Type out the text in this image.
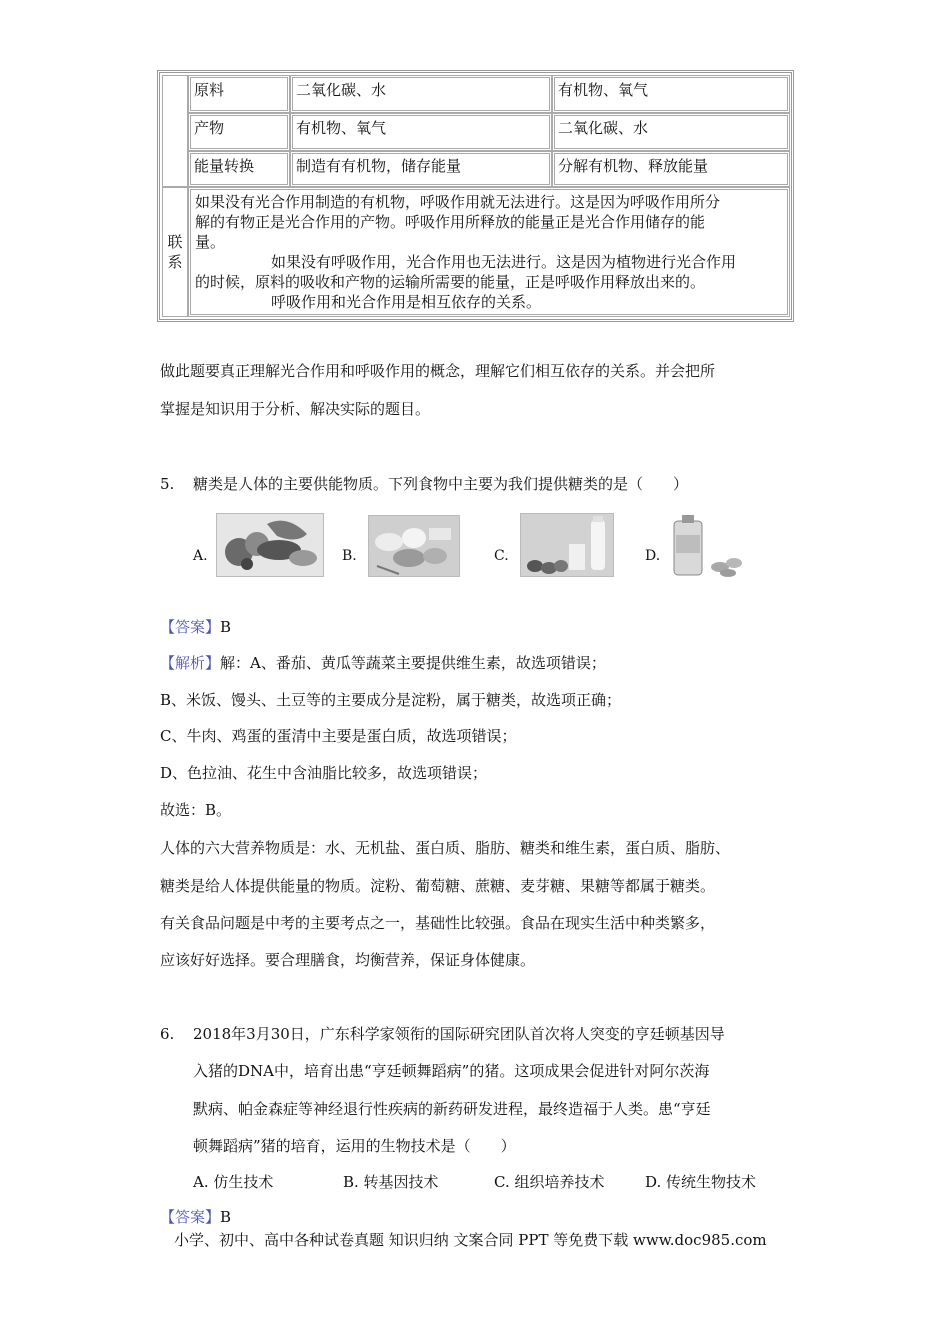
原料	二氧化碳、水	有机物、氧气
产物	有机物、氧气	二氧化碳、水
能量转换	制造有有机物，储存能量	分解有机物、释放能量
联系
如果没有光合作用制造的有机物，呼吸作用就无法进行。这是因为呼吸作用所分
解的有物正是光合作用的产物。呼吸作用所释放的能量正是光合作用储存的能
量。
如果没有呼吸作用，光合作用也无法进行。这是因为植物进行光合作用
的时候，原料的吸收和产物的运输所需要的能量，正是呼吸作用释放出来的。
呼吸作用和光合作用是相互依存的关系。
做此题要真正理解光合作用和呼吸作用的概念，理解它们相互依存的关系。并会把所
掌握是知识用于分析、解决实际的题目。
5. 糖类是人体的主要供能物质。下列食物中主要为我们提供糖类的是（　　）
A.	B.	C.	D.
【答案】B
【解析】解：A、番茄、黄瓜等蔬菜主要提供维生素，故选项错误；
B、米饭、馒头、土豆等的主要成分是淀粉，属于糖类，故选项正确；
C、牛肉、鸡蛋的蛋清中主要是蛋白质，故选项错误；
D、色拉油、花生中含油脂比较多，故选项错误；
故选：B。
人体的六大营养物质是：水、无机盐、蛋白质、脂肪、糖类和维生素，蛋白质、脂肪、
糖类是给人体提供能量的物质。淀粉、葡萄糖、蔗糖、麦芽糖、果糖等都属于糖类。
有关食品问题是中考的主要考点之一，基础性比较强。食品在现实生活中种类繁多，
应该好好选择。要合理膳食，均衡营养，保证身体健康。
6. 2018年3月30日，广东科学家领衔的国际研究团队首次将人突变的亨廷顿基因导
入猪的DNA中，培育出患“亨廷顿舞蹈病”的猪。这项成果会促进针对阿尔茨海
默病、帕金森症等神经退行性疾病的新药研发进程，最终造福于人类。患“亨廷
顿舞蹈病”猪的培育，运用的生物技术是（　　）
A. 仿生技术	B. 转基因技术	C. 组织培养技术	D. 传统生物技术
【答案】B
小学、初中、高中各种试卷真题 知识归纳 文案合同 PPT 等免费下载 www.doc985.com
